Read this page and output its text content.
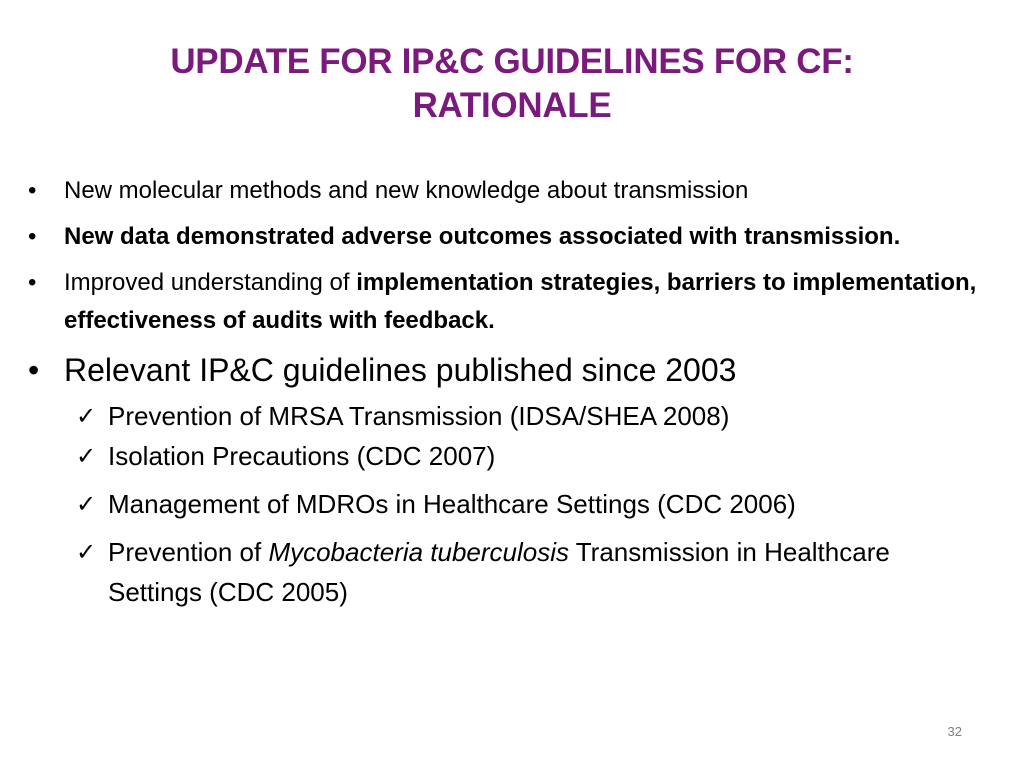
UPDATE FOR IP&C GUIDELINES FOR CF:
RATIONALE
•	New molecular methods and new knowledge about transmission
•	New data demonstrated adverse outcomes associated with transmission.
•	Improved understanding of implementation strategies, barriers to implementation, effectiveness of audits with feedback.
• Relevant IP&C guidelines published since 2003
✓ Prevention of MRSA Transmission (IDSA/SHEA 2008)
✓ Isolation Precautions (CDC 2007)
✓ Management of MDROs in Healthcare Settings (CDC 2006)
✓ Prevention of Mycobacteria tuberculosis Transmission in Healthcare Settings (CDC 2005)
32
